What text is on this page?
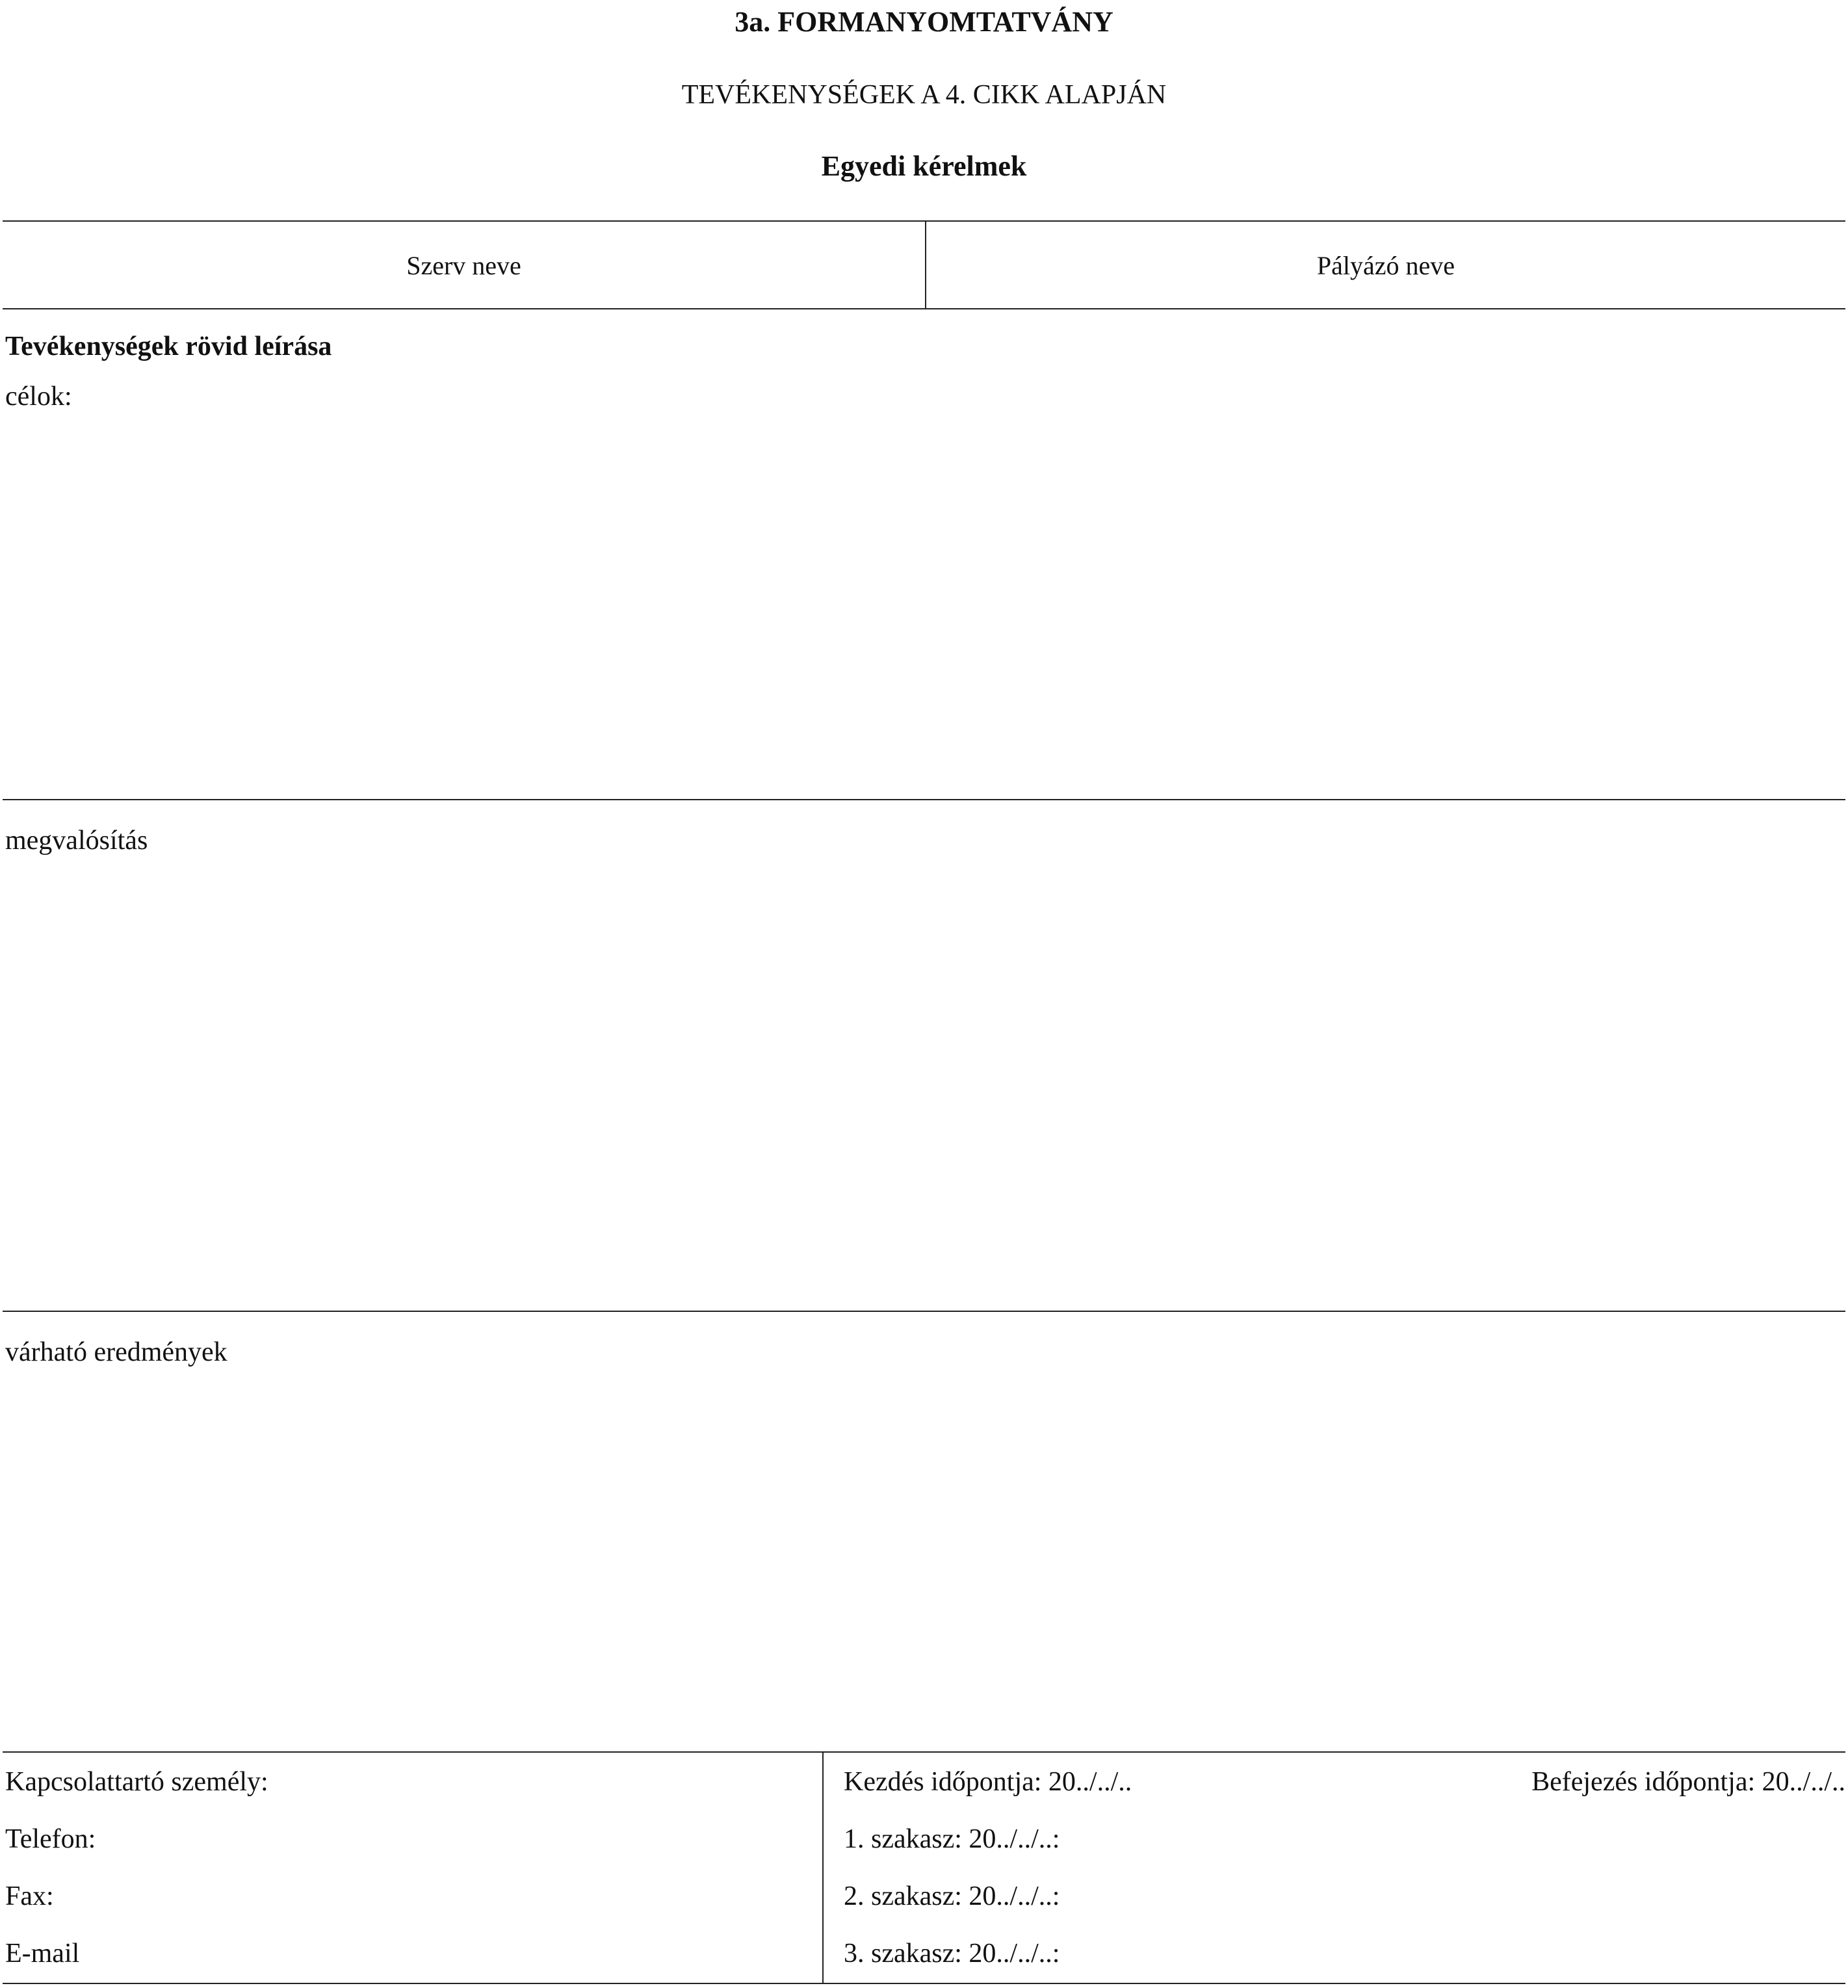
3a. FORMANYOMTATVÁNY
TEVÉKENYSÉGEK A 4. CIKK ALAPJÁN
Egyedi kérelmek
Szerv neve	Pályázó neve
Tevékenységek rövid leírása
célok:
megvalósítás
várható eredmények
Kapcsolattartó személy:
Telefon:
Fax:
E-mail
Kezdés időpontja: 20../../..	Befejezés időpontja: 20../../..
1. szakasz: 20../../..:
2. szakasz: 20../../..:
3. szakasz: 20../../..:
